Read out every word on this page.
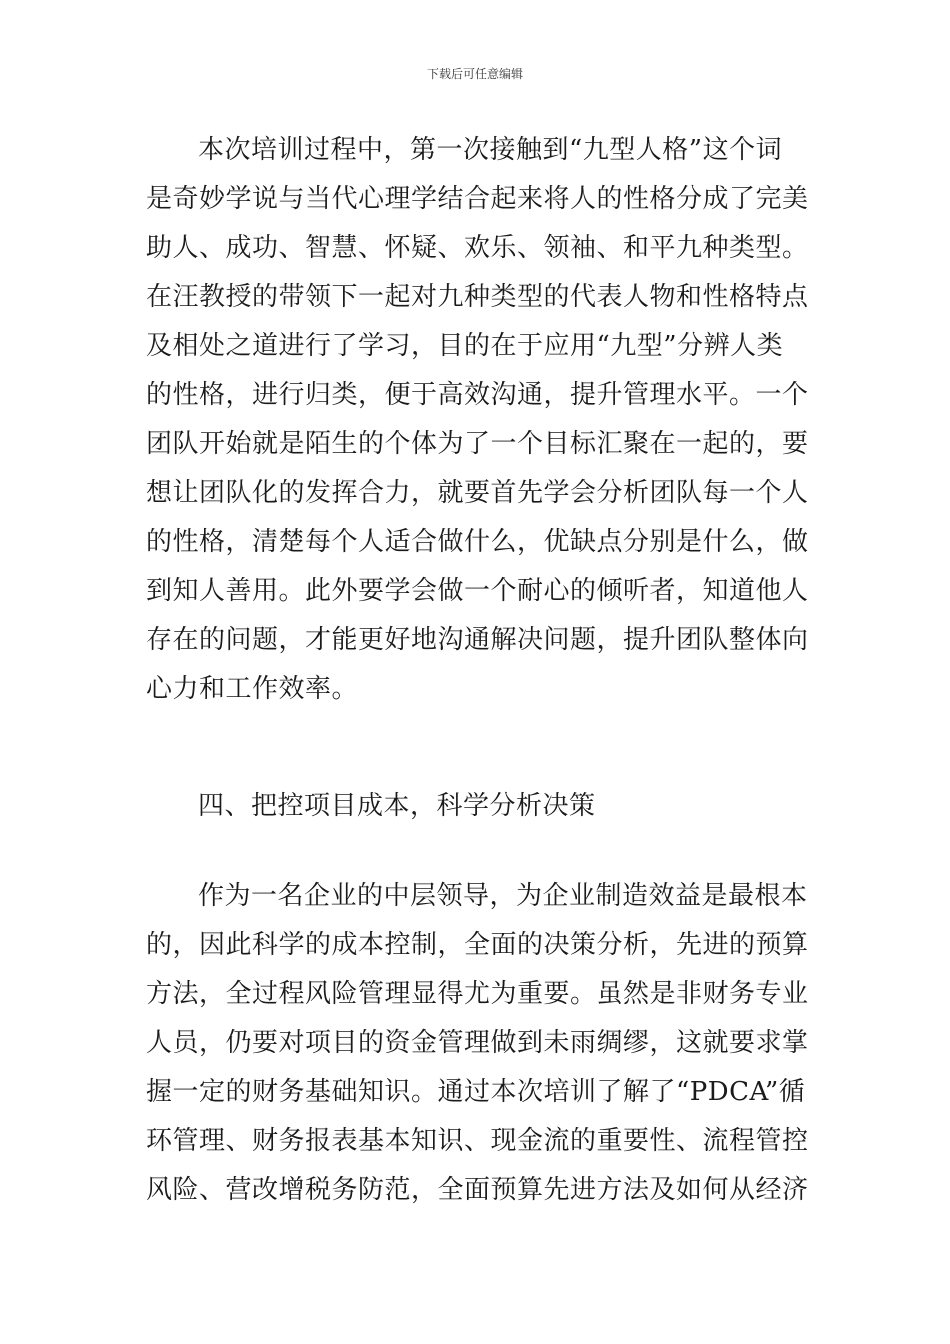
下载后可任意编辑
本次培训过程中，第一次接触到“九型人格”这个词
是奇妙学说与当代心理学结合起来将人的性格分成了完美
助人、成功、智慧、怀疑、欢乐、领袖、和平九种类型。
在汪教授的带领下一起对九种类型的代表人物和性格特点
及相处之道进行了学习，目的在于应用“九型”分辨人类
的性格，进行归类，便于高效沟通，提升管理水平。一个
团队开始就是陌生的个体为了一个目标汇聚在一起的，要
想让团队化的发挥合力，就要首先学会分析团队每一个人
的性格，清楚每个人适合做什么，优缺点分别是什么，做
到知人善用。此外要学会做一个耐心的倾听者，知道他人
存在的问题，才能更好地沟通解决问题，提升团队整体向
心力和工作效率。
四、把控项目成本，科学分析决策
作为一名企业的中层领导，为企业制造效益是最根本
的，因此科学的成本控制，全面的决策分析，先进的预算
方法，全过程风险管理显得尤为重要。虽然是非财务专业
人员，仍要对项目的资金管理做到未雨绸缪，这就要求掌
握一定的财务基础知识。通过本次培训了解了“PDCA”循
环管理、财务报表基本知识、现金流的重要性、流程管控
风险、营改增税务防范，全面预算先进方法及如何从经济
